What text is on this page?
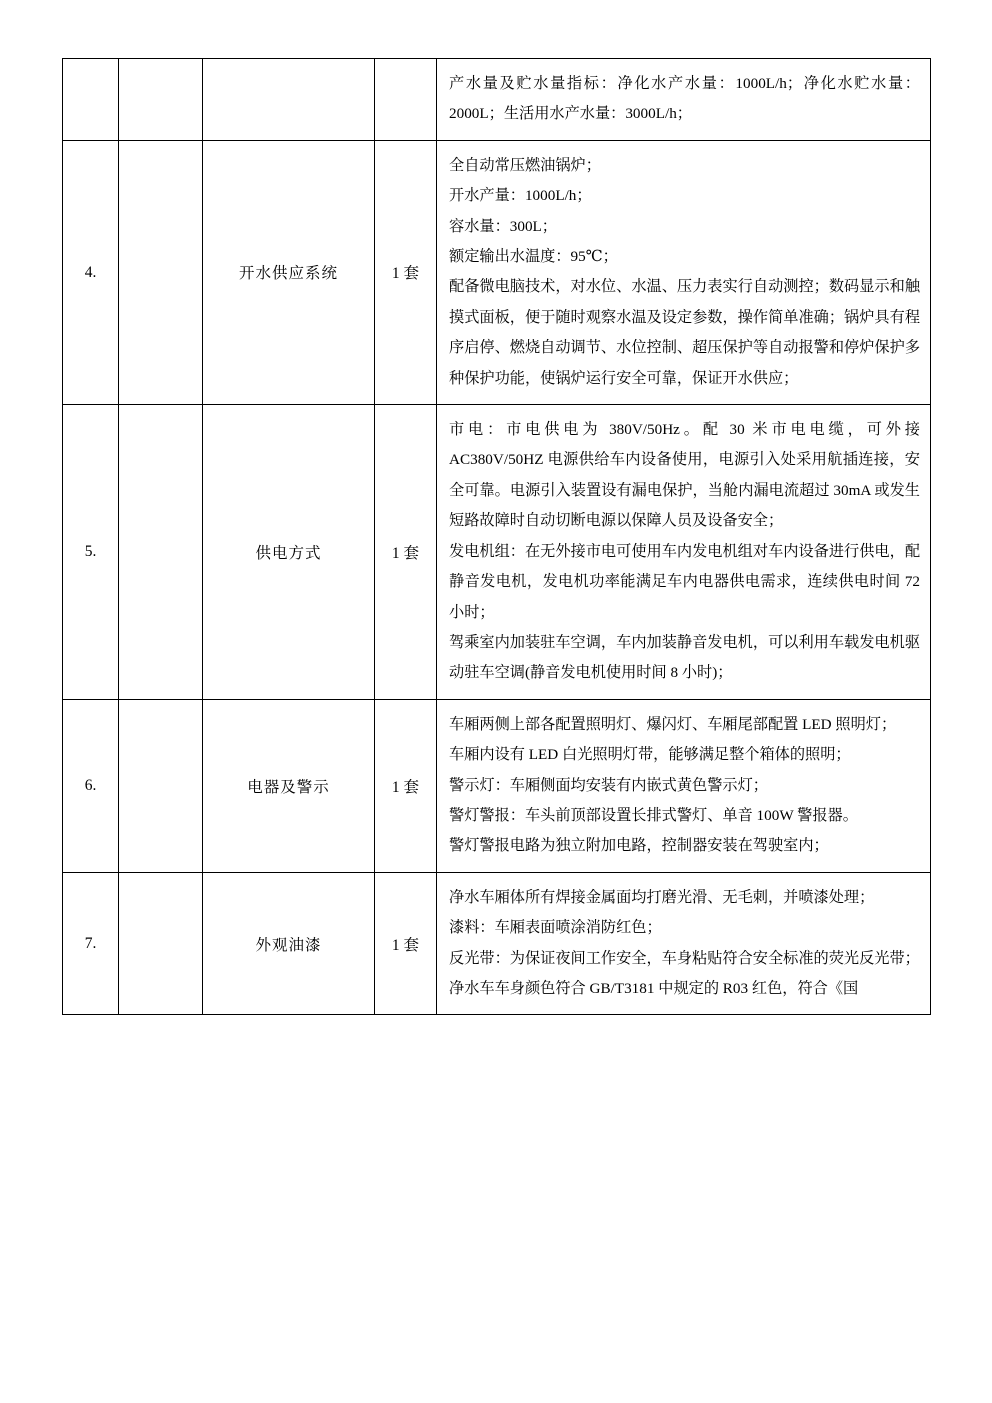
				产水量及贮水量指标：净化水产水量：1000L/h；净化水贮水量：2000L；生活用水产水量：3000L/h；

4.		开水供应系统	1 套	全自动常压燃油锅炉；

开水产量：1000L/h；

容水量：300L；

额定输出水温度：95℃；

配备微电脑技术，对水位、水温、压力表实行自动测控；数码显示和触摸式面板，便于随时观察水温及设定参数，操作简单准确；锅炉具有程序启停、燃烧自动调节、水位控制、超压保护等自动报警和停炉保护多种保护功能，使锅炉运行安全可靠，保证开水供应；

5.		供电方式	1 套	市电：市电供电为 380V/50Hz。配 30 米市电电缆，可外接 AC380V/50HZ 电源供给车内设备使用，电源引入处采用航插连接，安全可靠。电源引入装置设有漏电保护，当舱内漏电流超过 30mA 或发生短路故障时自动切断电源以保障人员及设备安全；

发电机组：在无外接市电可使用车内发电机组对车内设备进行供电，配静音发电机，发电机功率能满足车内电器供电需求，连续供电时间 72 小时；

驾乘室内加装驻车空调，车内加装静音发电机，可以利用车载发电机驱动驻车空调(静音发电机使用时间 8 小时)；

6.		电器及警示	1 套	车厢两侧上部各配置照明灯、爆闪灯、车厢尾部配置 LED 照明灯；

车厢内设有 LED 白光照明灯带，能够满足整个箱体的照明；

警示灯：车厢侧面均安装有内嵌式黄色警示灯；

警灯警报：车头前顶部设置长排式警灯、单音 100W 警报器。

警灯警报电路为独立附加电路，控制器安装在驾驶室内；

7.		外观油漆	1 套	净水车厢体所有焊接金属面均打磨光滑、无毛刺，并喷漆处理；

漆料：车厢表面喷涂消防红色；

反光带：为保证夜间工作安全，车身粘贴符合安全标准的荧光反光带；

净水车车身颜色符合 GB/T3181 中规定的 R03 红色，符合《国
